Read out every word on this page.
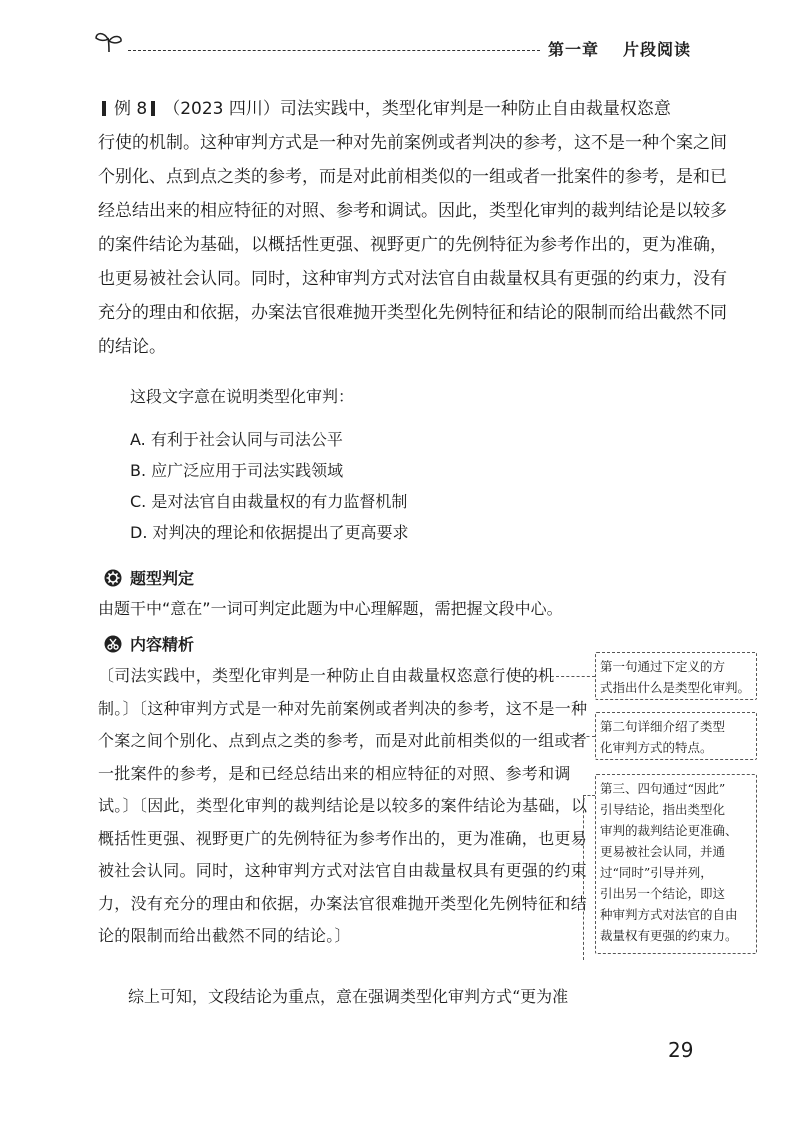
第一章 片段阅读
例 8 （2023 四川）司法实践中，类型化审判是一种防止自由裁量权恣意
行使的机制。这种审判方式是一种对先前案例或者判决的参考，这不是一种个案之间
个别化、点到点之类的参考，而是对此前相类似的一组或者一批案件的参考，是和已
经总结出来的相应特征的对照、参考和调试。因此，类型化审判的裁判结论是以较多
的案件结论为基础，以概括性更强、视野更广的先例特征为参考作出的，更为准确，
也更易被社会认同。同时，这种审判方式对法官自由裁量权具有更强的约束力，没有
充分的理由和依据，办案法官很难抛开类型化先例特征和结论的限制而给出截然不同
的结论。
这段文字意在说明类型化审判：
A. 有利于社会认同与司法公平
B. 应广泛应用于司法实践领域
C. 是对法官自由裁量权的有力监督机制
D. 对判决的理论和依据提出了更高要求
题型判定
由题干中“意在”一词可判定此题为中心理解题，需把握文段中心。
内容精析
〔司法实践中，类型化审判是一种防止自由裁量权恣意行使的机
制。〕〔这种审判方式是一种对先前案例或者判决的参考，这不是一种
个案之间个别化、点到点之类的参考，而是对此前相类似的一组或者
一批案件的参考，是和已经总结出来的相应特征的对照、参考和调
试。〕〔因此，类型化审判的裁判结论是以较多的案件结论为基础，以
概括性更强、视野更广的先例特征为参考作出的，更为准确，也更易
被社会认同。同时，这种审判方式对法官自由裁量权具有更强的约束
力，没有充分的理由和依据，办案法官很难抛开类型化先例特征和结
论的限制而给出截然不同的结论。〕
第一句通过下定义的方
式指出什么是类型化审判。
第二句详细介绍了类型
化审判方式的特点。
第三、四句通过“因此”
引导结论，指出类型化
审判的裁判结论更准确、
更易被社会认同，并通
过“同时”引导并列，
引出另一个结论，即这
种审判方式对法官的自由
裁量权有更强的约束力。
综上可知，文段结论为重点，意在强调类型化审判方式“更为准
29
